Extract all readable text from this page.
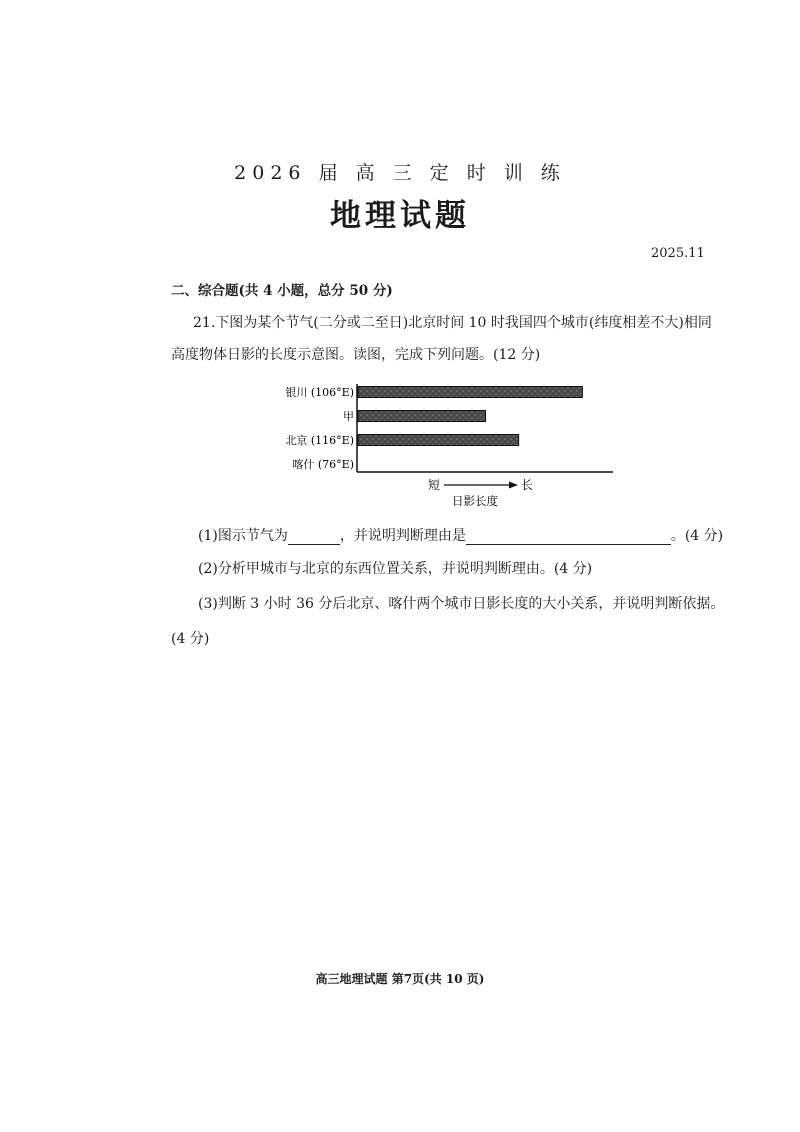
2026 届 高 三 定 时 训 练
地理试题
2025.11
二、综合题(共 4 小题，总分 50 分)
21.下图为某个节气(二分或二至日)北京时间 10 时我国四个城市(纬度相差不大)相同
高度物体日影的长度示意图。读图，完成下列问题。(12 分)
银川 (106°E)
甲
北京 (116°E)
喀什 (76°E)
短	长
日影长度
(1)图示节气为	，并说明判断理由是	。(4 分)
(2)分析甲城市与北京的东西位置关系，并说明判断理由。(4 分)
(3)判断 3 小时 36 分后北京、喀什两个城市日影长度的大小关系，并说明判断依据。
(4 分)
高三地理试题 第7页(共 10 页)
